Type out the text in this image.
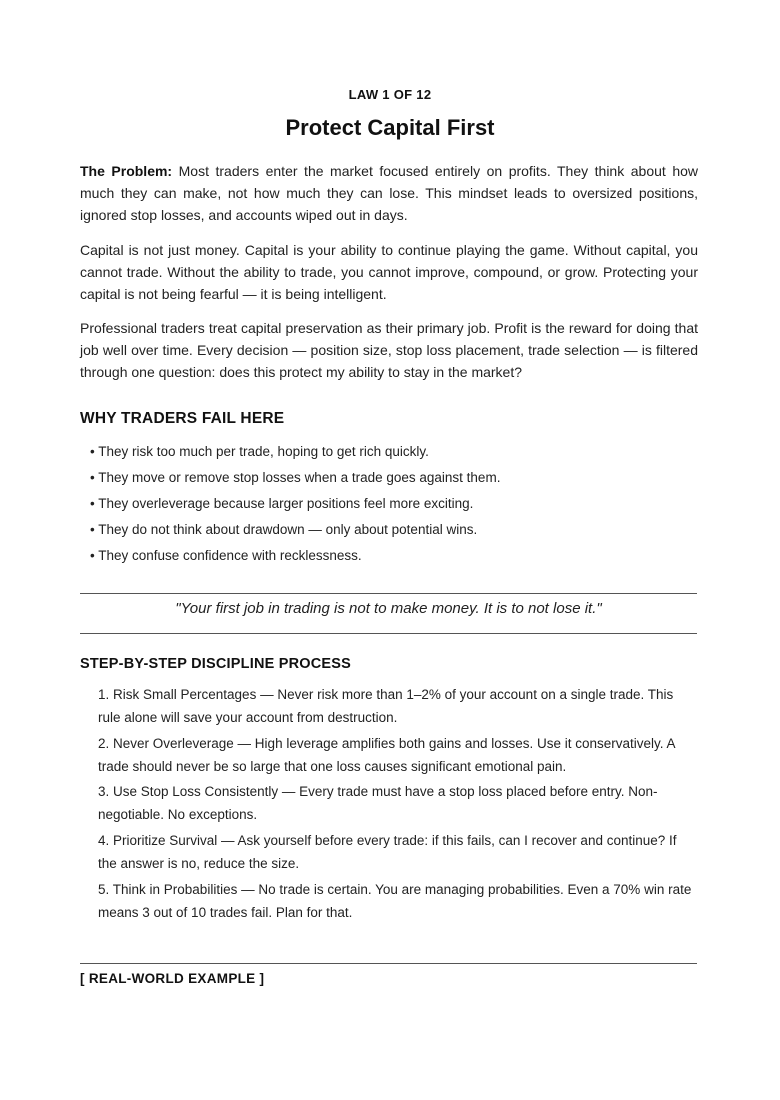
LAW 1 OF 12
Protect Capital First

The Problem: Most traders enter the market focused entirely on profits. They think about how much they can make, not how much they can lose. This mindset leads to oversized positions, ignored stop losses, and accounts wiped out in days.

Capital is not just money. Capital is your ability to continue playing the game. Without capital, you cannot trade. Without the ability to trade, you cannot improve, compound, or grow. Protecting your capital is not being fearful — it is being intelligent.

Professional traders treat capital preservation as their primary job. Profit is the reward for doing that job well over time. Every decision — position size, stop loss placement, trade selection — is filtered through one question: does this protect my ability to stay in the market?

WHY TRADERS FAIL HERE
• They risk too much per trade, hoping to get rich quickly.
• They move or remove stop losses when a trade goes against them.
• They overleverage because larger positions feel more exciting.
• They do not think about drawdown — only about potential wins.
• They confuse confidence with recklessness.
"Your first job in trading is not to make money. It is to not lose it."
STEP-BY-STEP DISCIPLINE PROCESS
1. Risk Small Percentages — Never risk more than 1–2% of your account on a single trade. This rule alone will save your account from destruction.
2. Never Overleverage — High leverage amplifies both gains and losses. Use it conservatively. A trade should never be so large that one loss causes significant emotional pain.
3. Use Stop Loss Consistently — Every trade must have a stop loss placed before entry. Non-negotiable. No exceptions.
4. Prioritize Survival — Ask yourself before every trade: if this fails, can I recover and continue? If the answer is no, reduce the size.
5. Think in Probabilities — No trade is certain. You are managing probabilities. Even a 70% win rate means 3 out of 10 trades fail. Plan for that.
[ REAL-WORLD EXAMPLE ]
